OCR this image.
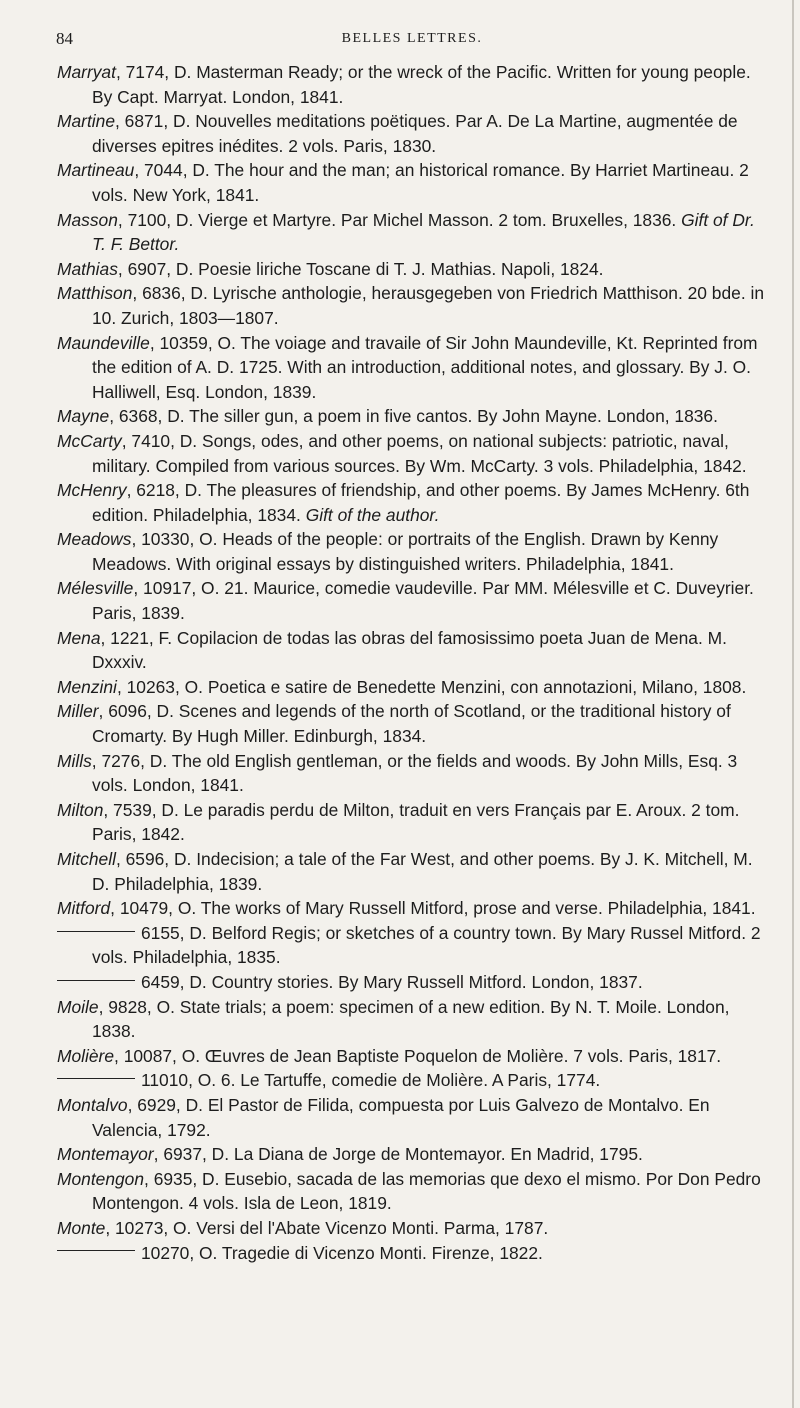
84	BELLES LETTRES.

Marryat, 7174, D. Masterman Ready; or the wreck of the Pacific. Written for young people. By Capt. Marryat. London, 1841.

Martine, 6871, D. Nouvelles meditations poëtiques. Par A. De La Martine, augmentée de diverses epitres inédites. 2 vols. Paris, 1830.

Martineau, 7044, D. The hour and the man; an historical romance. By Harriet Martineau. 2 vols. New York, 1841.

Masson, 7100, D. Vierge et Martyre. Par Michel Masson. 2 tom. Bruxelles, 1836. Gift of Dr. T. F. Bettor.

Mathias, 6907, D. Poesie liriche Toscane di T. J. Mathias. Napoli, 1824.

Matthison, 6836, D. Lyrische anthologie, herausgegeben von Friedrich Matthison. 20 bde. in 10. Zurich, 1803—1807.

Maundeville, 10359, O. The voiage and travaile of Sir John Maundeville, Kt. Reprinted from the edition of A. D. 1725. With an introduction, additional notes, and glossary. By J. O. Halliwell, Esq. London, 1839.

Mayne, 6368, D. The siller gun, a poem in five cantos. By John Mayne. London, 1836.

McCarty, 7410, D. Songs, odes, and other poems, on national subjects: patriotic, naval, military. Compiled from various sources. By Wm. McCarty. 3 vols. Philadelphia, 1842.

McHenry, 6218, D. The pleasures of friendship, and other poems. By James McHenry. 6th edition. Philadelphia, 1834. Gift of the author.

Meadows, 10330, O. Heads of the people: or portraits of the English. Drawn by Kenny Meadows. With original essays by distinguished writers. Philadelphia, 1841.

Mélesville, 10917, O. 21. Maurice, comedie vaudeville. Par MM. Mélesville et C. Duveyrier. Paris, 1839.

Mena, 1221, F. Copilacion de todas las obras del famosissimo poeta Juan de Mena. M. Dxxxiv.

Menzini, 10263, O. Poetica e satire de Benedette Menzini, con annotazioni, Milano, 1808.

Miller, 6096, D. Scenes and legends of the north of Scotland, or the traditional history of Cromarty. By Hugh Miller. Edinburgh, 1834.

Mills, 7276, D. The old English gentleman, or the fields and woods. By John Mills, Esq. 3 vols. London, 1841.

Milton, 7539, D. Le paradis perdu de Milton, traduit en vers Français par E. Aroux. 2 tom. Paris, 1842.

Mitchell, 6596, D. Indecision; a tale of the Far West, and other poems. By J. K. Mitchell, M. D. Philadelphia, 1839.

Mitford, 10479, O. The works of Mary Russell Mitford, prose and verse. Philadelphia, 1841.

6155, D. Belford Regis; or sketches of a country town. By Mary Russel Mitford. 2 vols. Philadelphia, 1835.

6459, D. Country stories. By Mary Russell Mitford. London, 1837.

Moile, 9828, O. State trials; a poem: specimen of a new edition. By N. T. Moile. London, 1838.

Molière, 10087, O. Œuvres de Jean Baptiste Poquelon de Molière. 7 vols. Paris, 1817.

11010, O. 6. Le Tartuffe, comedie de Molière. A Paris, 1774.

Montalvo, 6929, D. El Pastor de Filida, compuesta por Luis Galvezo de Montalvo. En Valencia, 1792.

Montemayor, 6937, D. La Diana de Jorge de Montemayor. En Madrid, 1795.

Montengon, 6935, D. Eusebio, sacada de las memorias que dexo el mismo. Por Don Pedro Montengon. 4 vols. Isla de Leon, 1819.

Monte, 10273, O. Versi del l'Abate Vicenzo Monti. Parma, 1787.

10270, O. Tragedie di Vicenzo Monti. Firenze, 1822.
